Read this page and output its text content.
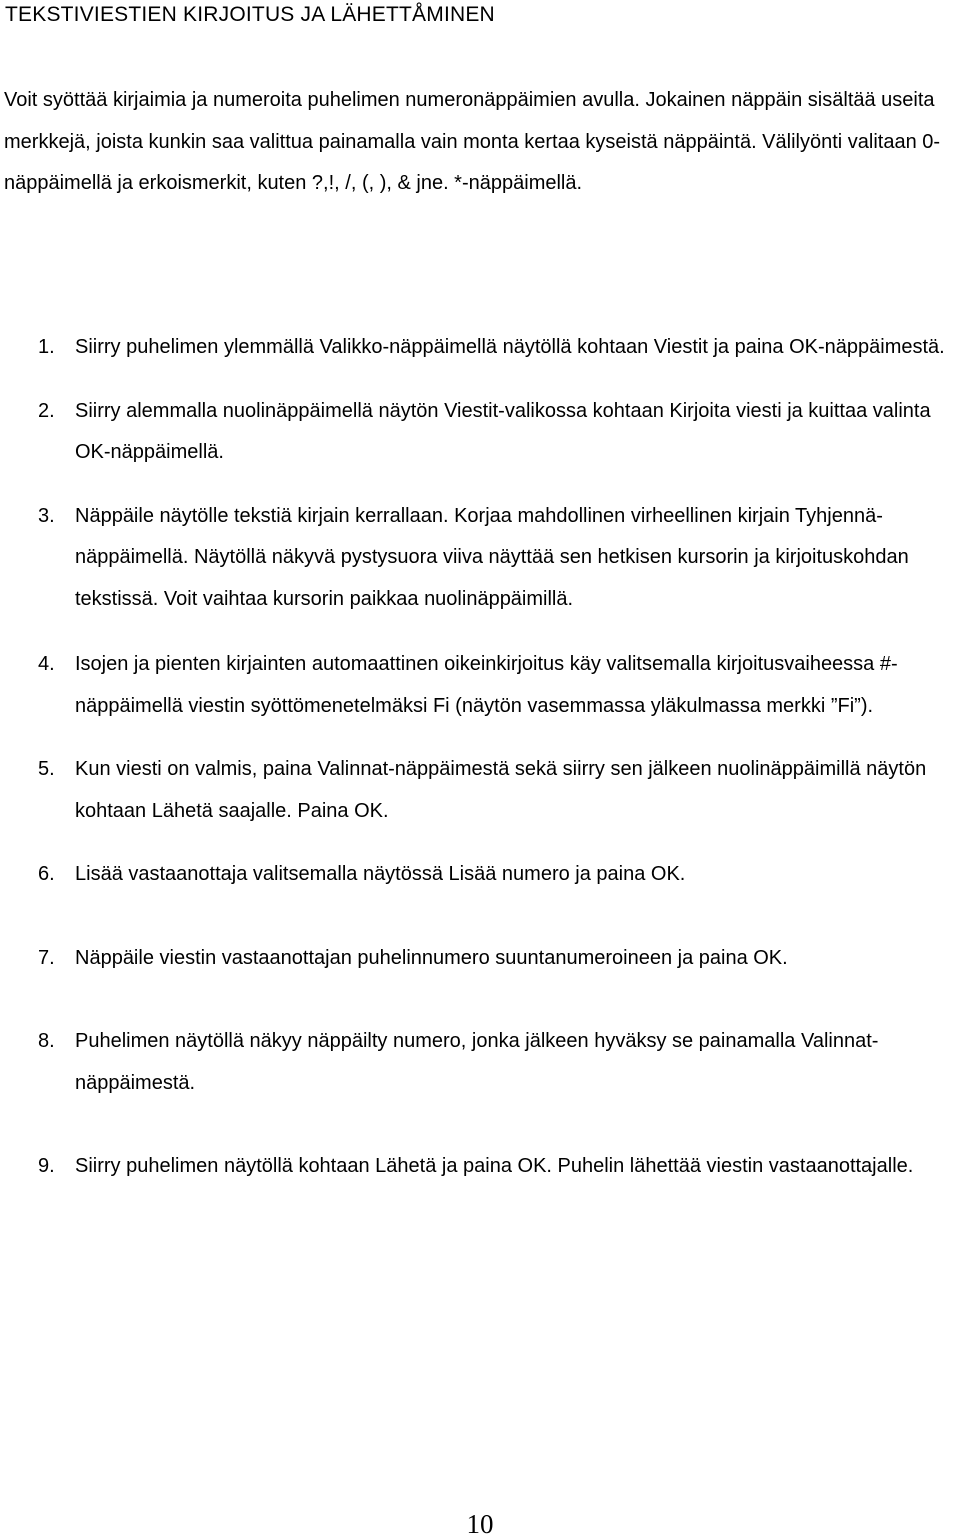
TEKSTIVIESTIEN KIRJOITUS JA LÄHETTÅMINEN

Voit syöttää kirjaimia ja numeroita puhelimen numeronäppäimien avulla. Jokainen näppäin sisältää useita merkkejä, joista kunkin saa valittua painamalla vain monta kertaa kyseistä näppäintä. Välilyönti valitaan 0-näppäimellä ja erkoismerkit, kuten ?,!, /, (, ), & jne. *-näppäimellä.

1. Siirry puhelimen ylemmällä Valikko-näppäimellä näytöllä kohtaan Viestit ja paina OK-näppäimestä.
2. Siirry alemmalla nuolinäppäimellä näytön Viestit-valikossa kohtaan Kirjoita viesti ja kuittaa valinta OK-näppäimellä.
3. Näppäile näytölle tekstiä kirjain kerrallaan. Korjaa mahdollinen virheellinen kirjain Tyhjennä-näppäimellä. Näytöllä näkyvä pystysuora viiva näyttää sen hetkisen kursorin ja kirjoituskohdan tekstissä. Voit vaihtaa kursorin paikkaa nuolinäppäimillä.
4. Isojen ja pienten kirjainten automaattinen oikeinkirjoitus käy valitsemalla kirjoitusvaiheessa #-näppäimellä viestin syöttömenetelmäksi Fi (näytön vasemmassa yläkulmassa merkki ”Fi”).
5. Kun viesti on valmis, paina Valinnat-näppäimestä sekä siirry sen jälkeen nuolinäppäimillä näytön kohtaan Lähetä saajalle. Paina OK.
6. Lisää vastaanottaja valitsemalla näytössä Lisää numero ja paina OK.
7. Näppäile viestin vastaanottajan puhelinnumero suuntanumeroineen ja paina OK.
8. Puhelimen näytöllä näkyy näppäilty numero, jonka jälkeen hyväksy se painamalla Valinnat-näppäimestä.
9. Siirry puhelimen näytöllä kohtaan Lähetä ja paina OK. Puhelin lähettää viestin vastaanottajalle.
10
